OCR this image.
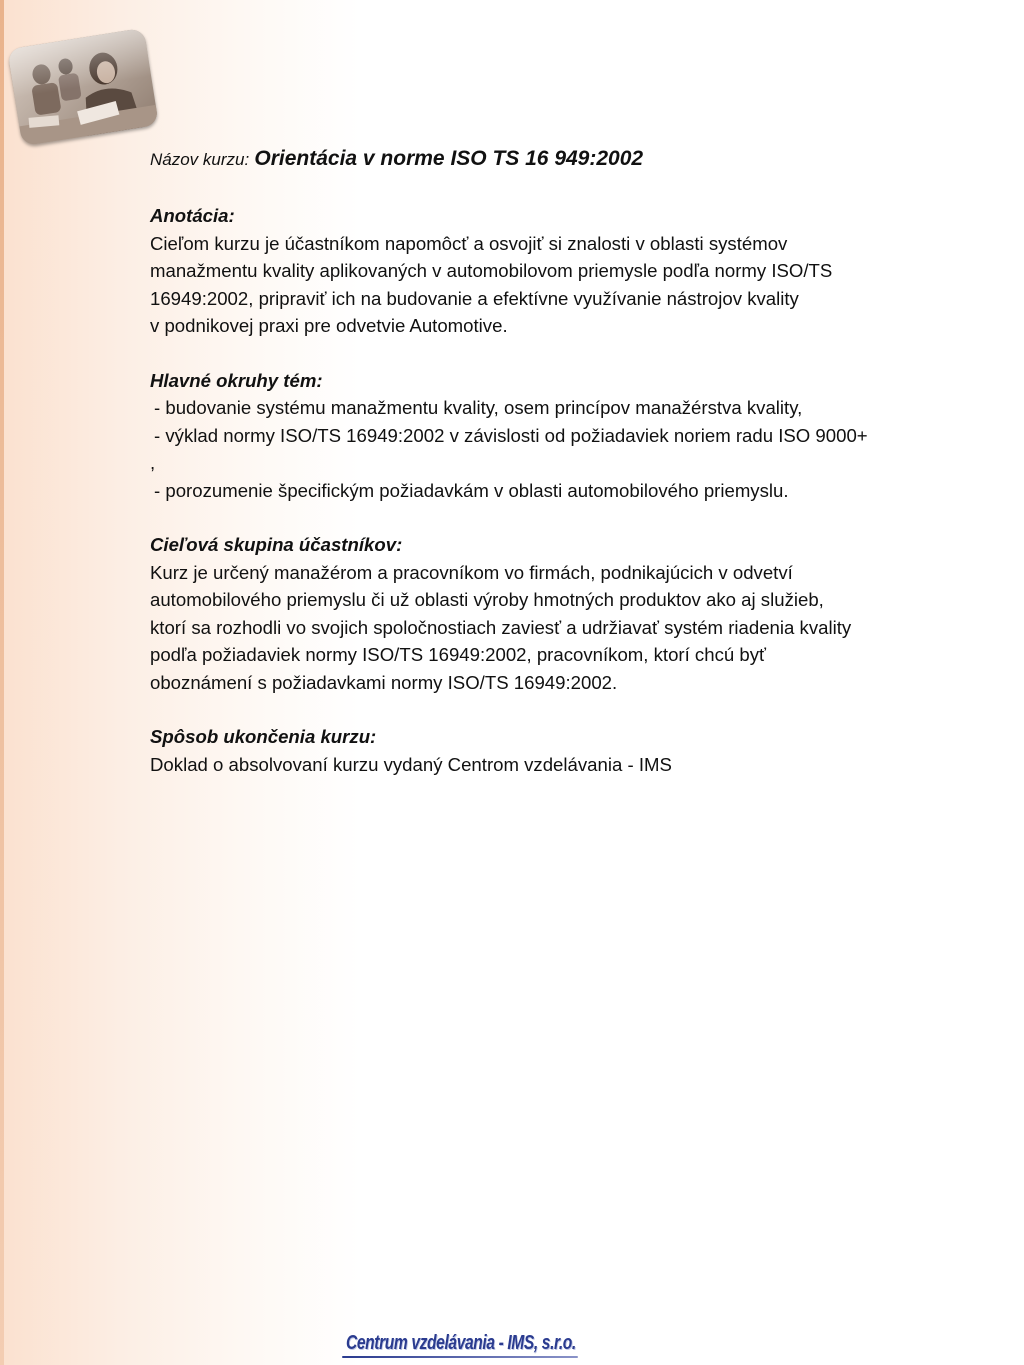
Názov kurzu: Orientácia v norme ISO TS 16 949:2002
Anotácia:

Cieľom kurzu je účastníkom napomôcť a osvojiť si znalosti v oblasti systémov

manažmentu kvality aplikovaných v automobilovom priemysle podľa normy ISO/TS

16949:2002, pripraviť ich na budovanie a efektívne využívanie nástrojov kvality

v podnikovej praxi pre odvetvie Automotive.

Hlavné okruhy tém:

- budovanie systému manažmentu kvality, osem princípov manažérstva kvality,

- výklad normy ISO/TS 16949:2002 v závislosti od požiadaviek noriem radu ISO 9000+

,

- porozumenie špecifickým požiadavkám v oblasti automobilového priemyslu.

Cieľová skupina účastníkov:

Kurz je určený manažérom a pracovníkom vo firmách, podnikajúcich v odvetví

automobilového priemyslu či už oblasti výroby hmotných produktov ako aj služieb,

ktorí sa rozhodli vo svojich spoločnostiach zaviesť a udržiavať systém riadenia kvality

podľa požiadaviek normy ISO/TS 16949:2002, pracovníkom, ktorí chcú byť

oboznámení s požiadavkami normy ISO/TS 16949:2002.

Spôsob ukončenia kurzu:

Doklad o absolvovaní kurzu vydaný Centrom vzdelávania - IMS

Centrum vzdelávania - IMS, s.r.o.
